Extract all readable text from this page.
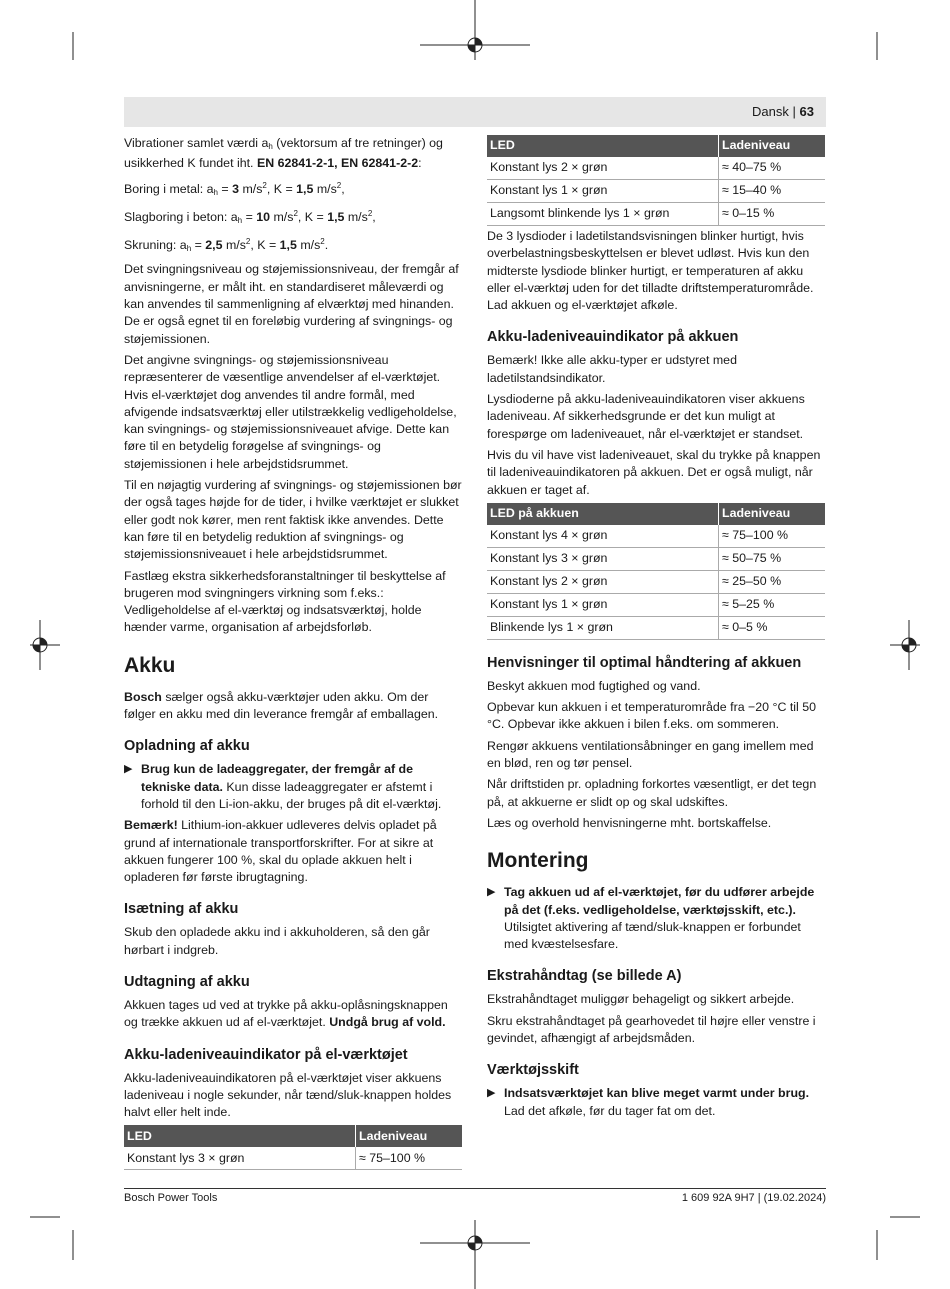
Dansk | 63

Vibrationer samlet værdi $a_h$ (vektorsum af tre retninger) og usikkerhed K fundet iht. EN 62841-2-1, EN 62841-2-2:

Boring i metal: $a_h = 3$ $m/s^2$, K = 1,5 $m/s^2$,

Slagboring i beton: $a_h = 10$ $m/s^2$, K = 1,5 $m/s^2$,

Skruning: $a_h = 2,5$ $m/s^2$, K = 1,5 $m/s^2$.

Det svingningsniveau og støjemissionsniveau, der fremgår af anvisningerne, er målt iht. en standardiseret måleværdi og kan anvendes til sammenligning af elværktøj med hinanden. De er også egnet til en foreløbig vurdering af svingnings- og støjemissionen.

Det angivne svingnings- og støjemissionsniveau repræsenterer de væsentlige anvendelser af el-værktøjet. Hvis el-værktøjet dog anvendes til andre formål, med afvigende indsatsværktøj eller utilstrækkelig vedligeholdelse, kan svingnings- og støjemissionsniveauet afvige. Dette kan føre til en betydelig forøgelse af svingnings- og støjemissionen i hele arbejdstidsrummet.

Til en nøjagtig vurdering af svingnings- og støjemissionen bør der også tages højde for de tider, i hvilke værktøjet er slukket eller godt nok kører, men rent faktisk ikke anvendes. Dette kan føre til en betydelig reduktion af svingnings- og støjemissionsniveauet i hele arbejdstidsrummet.

Fastlæg ekstra sikkerhedsforanstaltninger til beskyttelse af brugeren mod svingningers virkning som f.eks.: Vedligeholdelse af el-værktøj og indsatsværktøj, holde hænder varme, organisation af arbejdsforløb.

Akku

Bosch sælger også akku-værktøjer uden akku. Om der følger en akku med din leverance fremgår af emballagen.

Opladning af akku
▶ Brug kun de ladeaggregater, der fremgår af de tekniske data. Kun disse ladeaggregater er afstemt i forhold til den Li-ion-akku, der bruges på dit el-værktøj.

Bemærk! Lithium-ion-akkuer udleveres delvis opladet på grund af internationale transportforskrifter. For at sikre at akkuen fungerer 100 %, skal du oplade akkuen helt i opladeren før første ibrugtagning.

Isætning af akku

Skub den opladede akku ind i akkuholderen, så den går hørbart i indgreb.

Udtagning af akku

Akkuen tages ud ved at trykke på akku-oplåsningsknappen og trække akkuen ud af el-værktøjet. Undgå brug af vold.

Akku-ladeniveauindikator på el-værktøjet

Akku-ladeniveauindikatoren på el-værktøjet viser akkuens ladeniveau i nogle sekunder, når tænd/sluk-knappen holdes halvt eller helt inde.

LED	Ladeniveau
Konstant lys 3 × grøn	≈ 75–100 %
LED	Ladeniveau
Konstant lys 2 × grøn	≈ 40–75 %
Konstant lys 1 × grøn	≈ 15–40 %
Langsomt blinkende lys 1 × grøn	≈ 0–15 %

De 3 lysdioder i ladetilstandsvisningen blinker hurtigt, hvis overbelastningsbeskyttelsen er blevet udløst. Hvis kun den midterste lysdiode blinker hurtigt, er temperaturen af akku eller el-værktøj uden for det tilladte driftstemperaturområde. Lad akkuen og el-værktøjet afkøle.

Akku-ladeniveauindikator på akkuen

Bemærk! Ikke alle akku-typer er udstyret med ladetilstandsindikator.

Lysdioderne på akku-ladeniveauindikatoren viser akkuens ladeniveau. Af sikkerhedsgrunde er det kun muligt at forespørge om ladeniveauet, når el-værktøjet er standset.

Hvis du vil have vist ladeniveauet, skal du trykke på knappen til ladeniveauindikatoren på akkuen. Det er også muligt, når akkuen er taget af.

LED på akkuen	Ladeniveau
Konstant lys 4 × grøn	≈ 75–100 %
Konstant lys 3 × grøn	≈ 50–75 %
Konstant lys 2 × grøn	≈ 25–50 %
Konstant lys 1 × grøn	≈ 5–25 %
Blinkende lys 1 × grøn	≈ 0–5 %
Henvisninger til optimal håndtering af akkuen

Beskyt akkuen mod fugtighed og vand.

Opbevar kun akkuen i et temperaturområde fra −20 °C til 50 °C. Opbevar ikke akkuen i bilen f.eks. om sommeren.

Rengør akkuens ventilationsåbninger en gang imellem med en blød, ren og tør pensel.

Når driftstiden pr. opladning forkortes væsentligt, er det tegn på, at akkuerne er slidt op og skal udskiftes.

Læs og overhold henvisningerne mht. bortskaffelse.

Montering
▶ Tag akkuen ud af el-værktøjet, før du udfører arbejde på det (f.eks. vedligeholdelse, værktøjsskift, etc.). Utilsigtet aktivering af tænd/sluk-knappen er forbundet med kvæstelsesfare.
Ekstrahåndtag (se billede A)

Ekstrahåndtaget muliggør behageligt og sikkert arbejde.

Skru ekstrahåndtaget på gearhovedet til højre eller venstre i gevindet, afhængigt af arbejdsmåden.

Værktøjsskift
▶ Indsatsværktøjet kan blive meget varmt under brug. Lad det afkøle, før du tager fat om det.
Bosch Power Tools	1 609 92A 9H7 | (19.02.2024)
